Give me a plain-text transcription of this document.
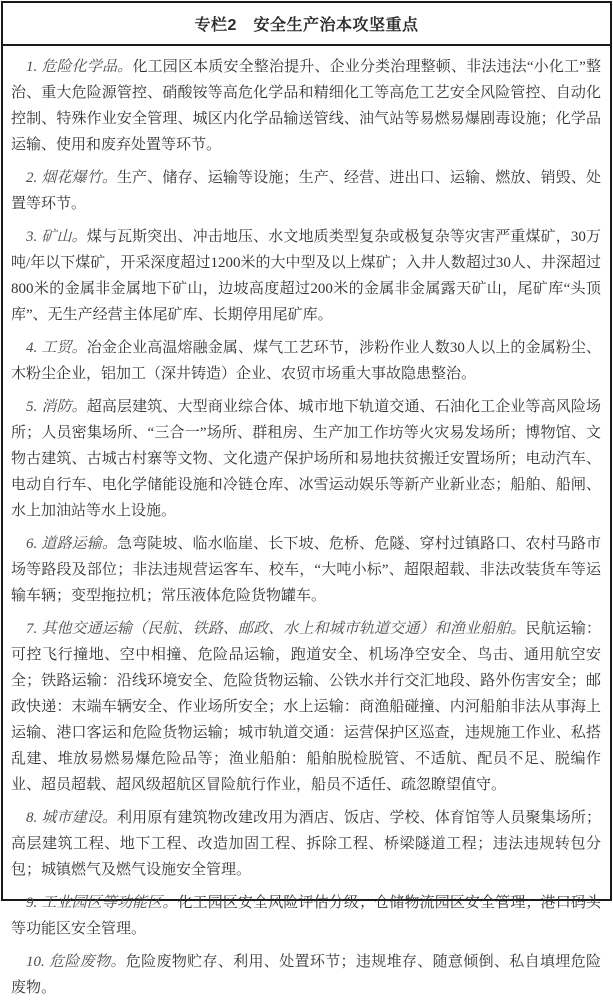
专栏2　安全生产治本攻坚重点

1. 危险化学品。化工园区本质安全整治提升、企业分类治理整顿、非法违法“小化工”整治、重大危险源管控、硝酸铵等高危化学品和精细化工等高危工艺安全风险管控、自动化控制、特殊作业安全管理、城区内化学品输送管线、油气站等易燃易爆剧毒设施；化学品运输、使用和废弃处置等环节。

2. 烟花爆竹。生产、储存、运输等设施；生产、经营、进出口、运输、燃放、销毁、处置等环节。

3. 矿山。煤与瓦斯突出、冲击地压、水文地质类型复杂或极复杂等灾害严重煤矿，30万吨/年以下煤矿，开采深度超过1200米的大中型及以上煤矿；入井人数超过30人、井深超过800米的金属非金属地下矿山，边坡高度超过200米的金属非金属露天矿山，尾矿库“头顶库”、无生产经营主体尾矿库、长期停用尾矿库。

4. 工贸。冶金企业高温熔融金属、煤气工艺环节，涉粉作业人数30人以上的金属粉尘、木粉尘企业，铝加工（深井铸造）企业、农贸市场重大事故隐患整治。

5. 消防。超高层建筑、大型商业综合体、城市地下轨道交通、石油化工企业等高风险场所；人员密集场所、“三合一”场所、群租房、生产加工作坊等火灾易发场所；博物馆、文物古建筑、古城古村寨等文物、文化遗产保护场所和易地扶贫搬迁安置场所；电动汽车、电动自行车、电化学储能设施和冷链仓库、冰雪运动娱乐等新产业新业态；船舶、船闸、水上加油站等水上设施。

6. 道路运输。急弯陡坡、临水临崖、长下坡、危桥、危隧、穿村过镇路口、农村马路市场等路段及部位；非法违规营运客车、校车，“大吨小标”、超限超载、非法改装货车等运输车辆；变型拖拉机；常压液体危险货物罐车。

7. 其他交通运输（民航、铁路、邮政、水上和城市轨道交通）和渔业船舶。民航运输：可控飞行撞地、空中相撞、危险品运输，跑道安全、机场净空安全、鸟击、通用航空安全；铁路运输：沿线环境安全、危险货物运输、公铁水并行交汇地段、路外伤害安全；邮政快递：末端车辆安全、作业场所安全；水上运输：商渔船碰撞、内河船舶非法从事海上运输、港口客运和危险货物运输；城市轨道交通：运营保护区巡查，违规施工作业、私搭乱建、堆放易燃易爆危险品等；渔业船舶：船舶脱检脱管、不适航、配员不足、脱编作业、超员超载、超风级超航区冒险航行作业，船员不适任、疏忽瞭望值守。

8. 城市建设。利用原有建筑物改建改用为酒店、饭店、学校、体育馆等人员聚集场所；高层建筑工程、地下工程、改造加固工程、拆除工程、桥梁隧道工程；违法违规转包分包；城镇燃气及燃气设施安全管理。

9. 工业园区等功能区。化工园区安全风险评估分级；仓储物流园区安全管理；港口码头等功能区安全管理。

10. 危险废物。危险废物贮存、利用、处置环节；违规堆存、随意倾倒、私自填埋危险废物。
